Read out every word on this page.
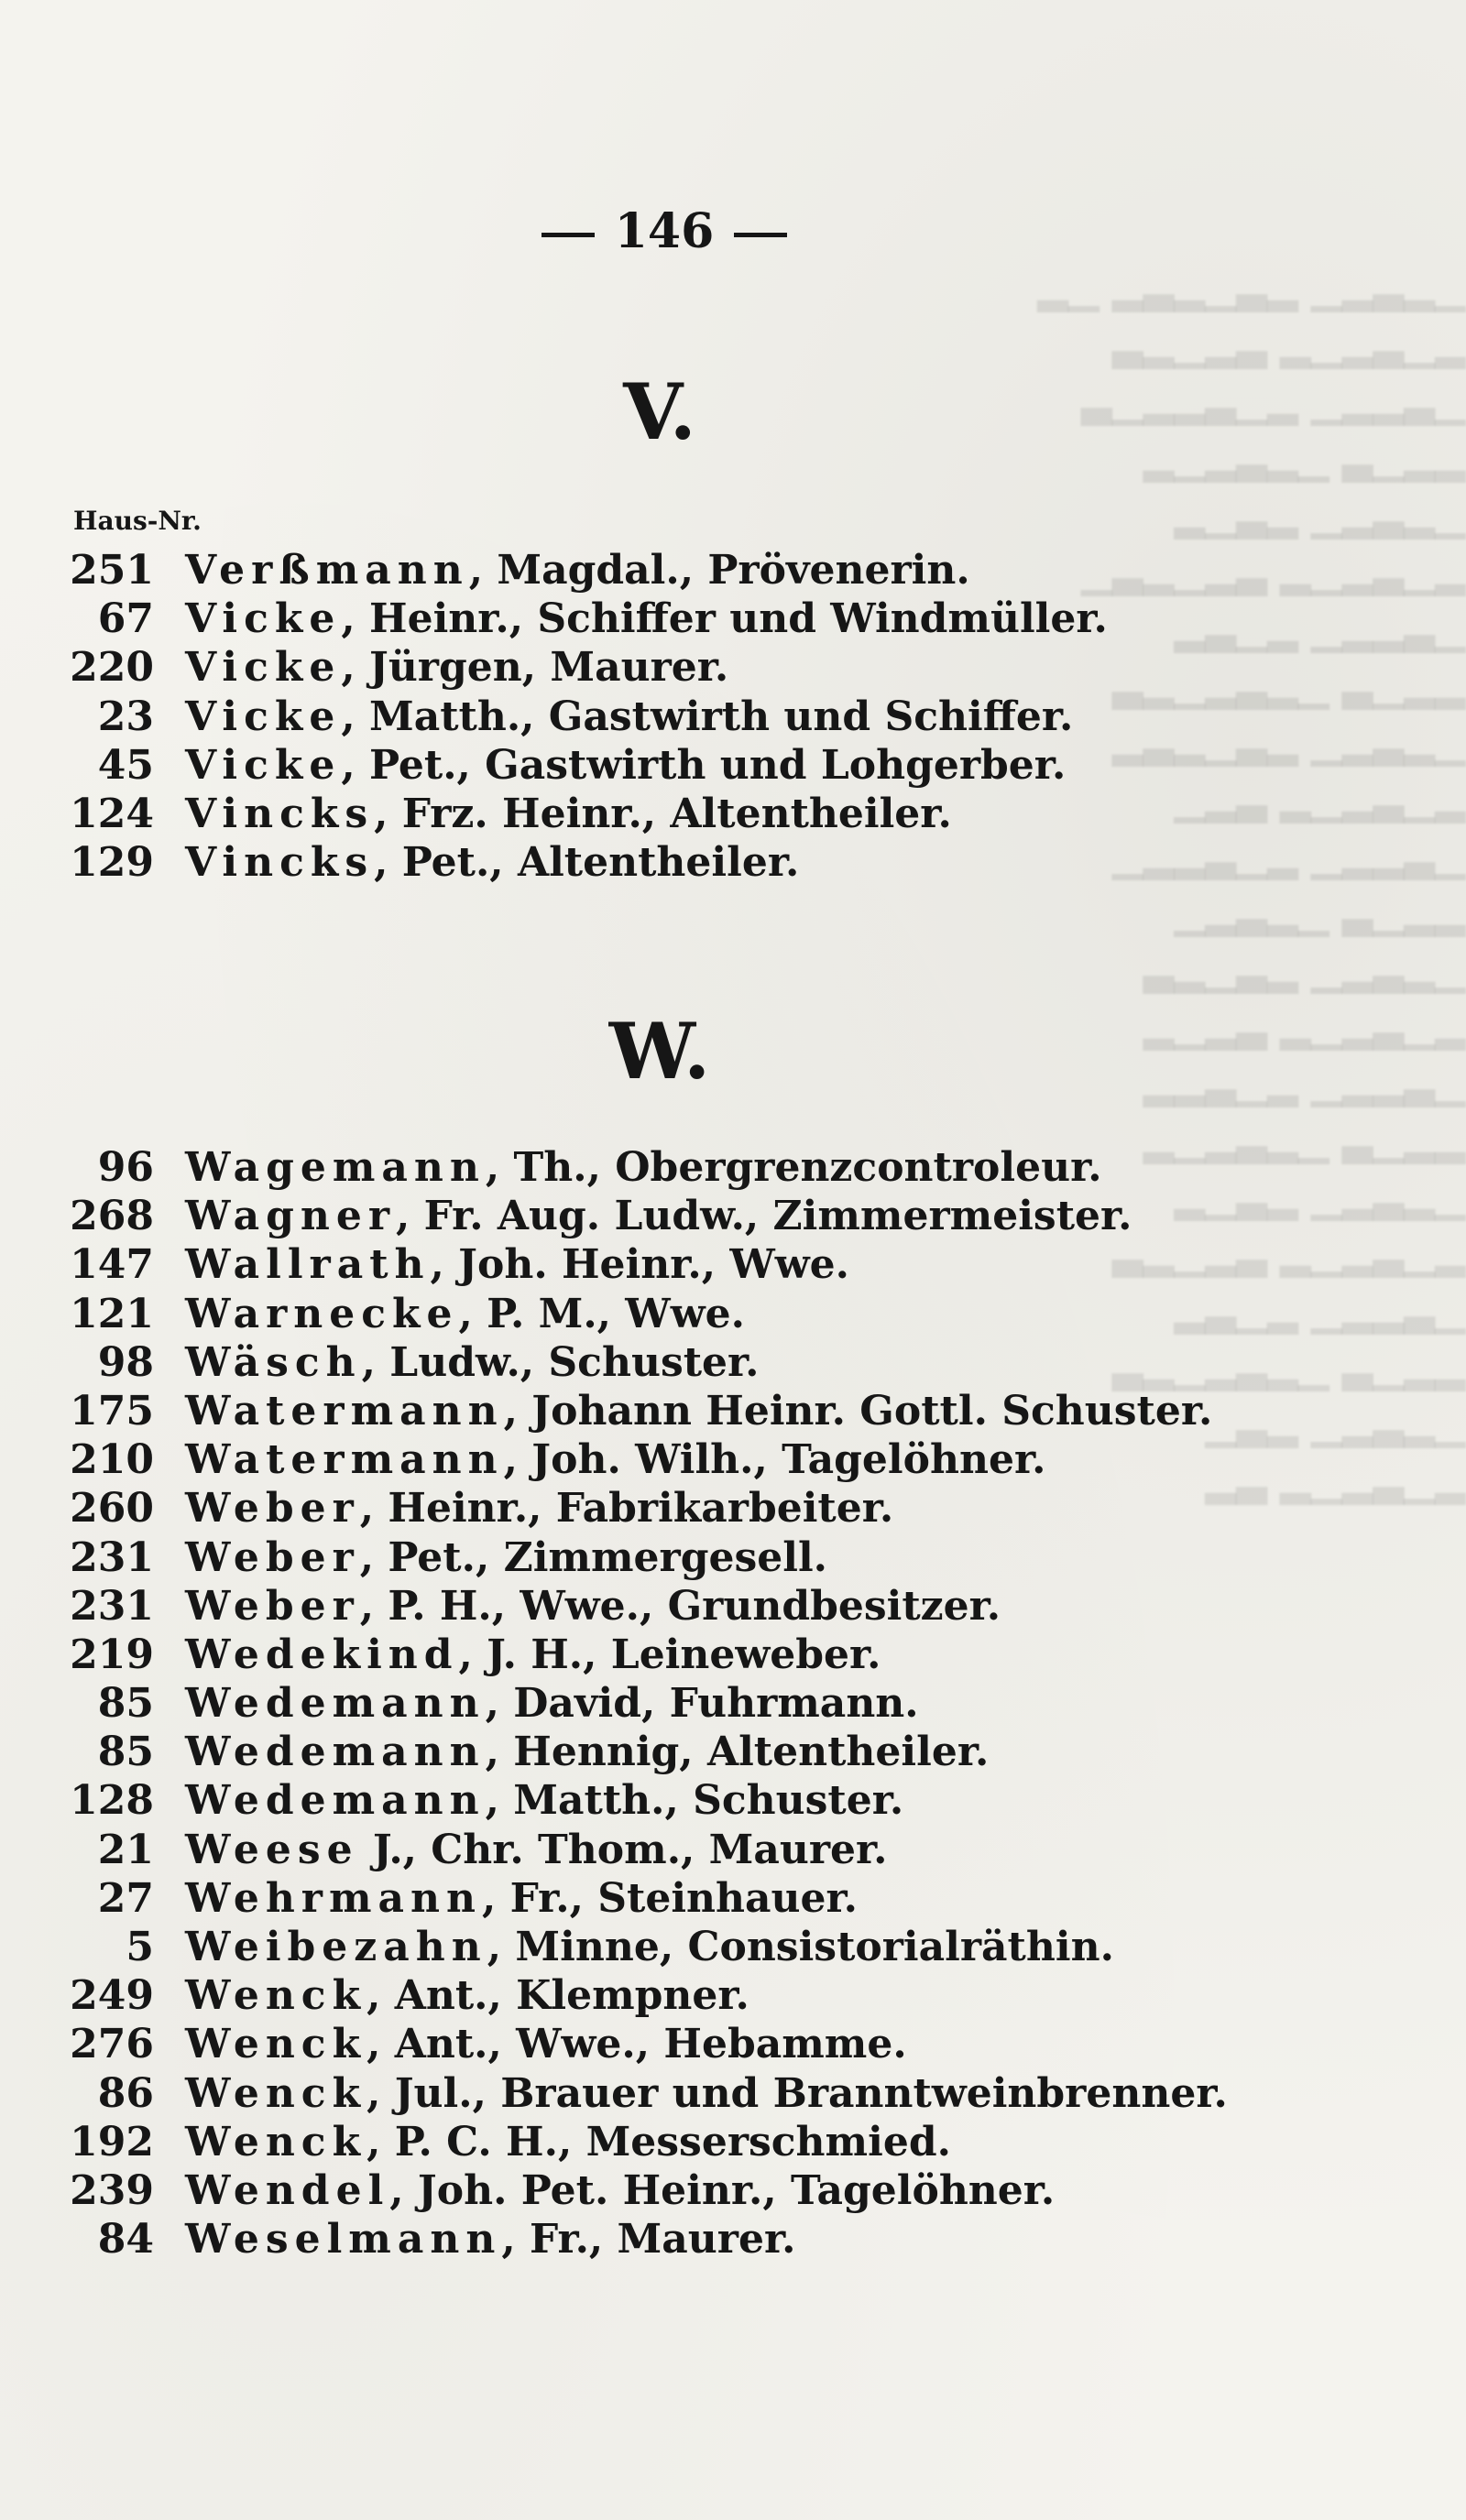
▁▂▃▂▁ ▂▃▁▂▃▂ ▁▂
▂▁▃▂▁▂ ▃▂▁▂▃
▁▃▂▂▁ ▂▁▃▂▂▁▃
▂▂▁▃ ▁▂▃▂▁▂
▁▂▃▂▁ ▂▃▁▂
▂▁▃▂▁▂ ▃▂▁▂▃▁
▁▃▂▂▁ ▂▁▃▂
▂▂▁▃ ▁▂▃▂▁▂▃
▁▂▃▂▁ ▂▃▁▂▃▂
▂▁▃▂▁▂ ▃▂▁
▁▃▂▂▁ ▂▁▃▂▂▁
▂▂▁▃ ▁▂▃▂▁
▁▂▃▂▁ ▂▃▁▂▃
▂▁▃▂▁▂ ▃▂▁▂
▁▃▂▂▁ ▂▁▃▂▂
▂▂▁▃ ▁▂▃▂▁▂
▁▂▃▂▁ ▂▃▁▂
▂▁▃▂▁▂ ▃▂▁▂▃
▁▃▂▂▁ ▂▁▃▂
▂▂▁▃ ▁▂▃▂▁▂▃
▁▂▃▂▁ ▂▃▁
▂▁▃▂▁▂ ▃▂
146
V.
Haus-Nr.
251 Verßmann, Magdal., Prövenerin.
67 Vicke, Heinr., Schiffer und Windmüller.
220 Vicke, Jürgen, Maurer.
23 Vicke, Matth., Gastwirth und Schiffer.
45 Vicke, Pet., Gastwirth und Lohgerber.
124 Vincks, Frz. Heinr., Altentheiler.
129 Vincks, Pet., Altentheiler.
W.
96 Wagemann, Th., Obergrenzcontroleur.
268 Wagner, Fr. Aug. Ludw., Zimmermeister.
147 Wallrath, Joh. Heinr., Wwe.
121 Warnecke, P. M., Wwe.
98 Wäsch, Ludw., Schuster.
175 Watermann, Johann Heinr. Gottl. Schuster.
210 Watermann, Joh. Wilh., Tagelöhner.
260 Weber, Heinr., Fabrikarbeiter.
231 Weber, Pet., Zimmergesell.
231 Weber, P. H., Wwe., Grundbesitzer.
219 Wedekind, J. H., Leineweber.
85 Wedemann, David, Fuhrmann.
85 Wedemann, Hennig, Altentheiler.
128 Wedemann, Matth., Schuster.
21 Weese J., Chr. Thom., Maurer.
27 Wehrmann, Fr., Steinhauer.
5 Weibezahn, Minne, Consistorialräthin.
249 Wenck, Ant., Klempner.
276 Wenck, Ant., Wwe., Hebamme.
86 Wenck, Jul., Brauer und Branntweinbrenner.
192 Wenck, P. C. H., Messerschmied.
239 Wendel, Joh. Pet. Heinr., Tagelöhner.
84 Weselmann, Fr., Maurer.
